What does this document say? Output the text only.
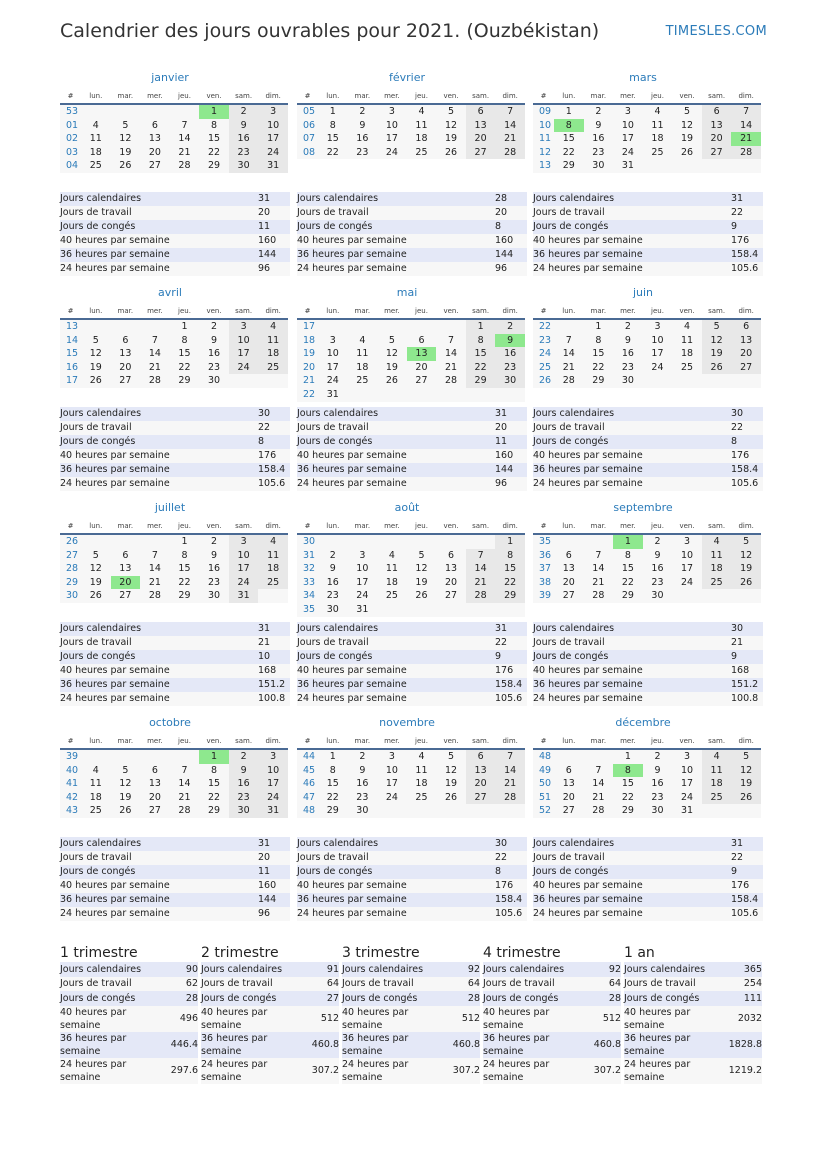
Calendrier des jours ouvrables pour 2021. (Ouzbékistan)	TIMESLES.COM
janvier
#	lun.	mar.	mer.	jeu.	ven.	sam.	dim.
53					1	2	3
01	4	5	6	7	8	9	10
02	11	12	13	14	15	16	17
03	18	19	20	21	22	23	24
04	25	26	27	28	29	30	31
Jours calendaires	31
Jours de travail	20
Jours de congés	11
40 heures par semaine	160
36 heures par semaine	144
24 heures par semaine	96
février
#	lun.	mar.	mer.	jeu.	ven.	sam.	dim.
05	1	2	3	4	5	6	7
06	8	9	10	11	12	13	14
07	15	16	17	18	19	20	21
08	22	23	24	25	26	27	28
Jours calendaires	28
Jours de travail	20
Jours de congés	8
40 heures par semaine	160
36 heures par semaine	144
24 heures par semaine	96
mars
#	lun.	mar.	mer.	jeu.	ven.	sam.	dim.
09	1	2	3	4	5	6	7
10	8	9	10	11	12	13	14
11	15	16	17	18	19	20	21
12	22	23	24	25	26	27	28
13	29	30	31				
Jours calendaires	31
Jours de travail	22
Jours de congés	9
40 heures par semaine	176
36 heures par semaine	158.4
24 heures par semaine	105.6
avril
#	lun.	mar.	mer.	jeu.	ven.	sam.	dim.
13				1	2	3	4
14	5	6	7	8	9	10	11
15	12	13	14	15	16	17	18
16	19	20	21	22	23	24	25
17	26	27	28	29	30		
Jours calendaires	30
Jours de travail	22
Jours de congés	8
40 heures par semaine	176
36 heures par semaine	158.4
24 heures par semaine	105.6
mai
#	lun.	mar.	mer.	jeu.	ven.	sam.	dim.
17						1	2
18	3	4	5	6	7	8	9
19	10	11	12	13	14	15	16
20	17	18	19	20	21	22	23
21	24	25	26	27	28	29	30
22	31						
Jours calendaires	31
Jours de travail	20
Jours de congés	11
40 heures par semaine	160
36 heures par semaine	144
24 heures par semaine	96
juin
#	lun.	mar.	mer.	jeu.	ven.	sam.	dim.
22		1	2	3	4	5	6
23	7	8	9	10	11	12	13
24	14	15	16	17	18	19	20
25	21	22	23	24	25	26	27
26	28	29	30				
Jours calendaires	30
Jours de travail	22
Jours de congés	8
40 heures par semaine	176
36 heures par semaine	158.4
24 heures par semaine	105.6
juillet
#	lun.	mar.	mer.	jeu.	ven.	sam.	dim.
26				1	2	3	4
27	5	6	7	8	9	10	11
28	12	13	14	15	16	17	18
29	19	20	21	22	23	24	25
30	26	27	28	29	30	31	
Jours calendaires	31
Jours de travail	21
Jours de congés	10
40 heures par semaine	168
36 heures par semaine	151.2
24 heures par semaine	100.8
août
#	lun.	mar.	mer.	jeu.	ven.	sam.	dim.
30							1
31	2	3	4	5	6	7	8
32	9	10	11	12	13	14	15
33	16	17	18	19	20	21	22
34	23	24	25	26	27	28	29
35	30	31					
Jours calendaires	31
Jours de travail	22
Jours de congés	9
40 heures par semaine	176
36 heures par semaine	158.4
24 heures par semaine	105.6
septembre
#	lun.	mar.	mer.	jeu.	ven.	sam.	dim.
35			1	2	3	4	5
36	6	7	8	9	10	11	12
37	13	14	15	16	17	18	19
38	20	21	22	23	24	25	26
39	27	28	29	30			
Jours calendaires	30
Jours de travail	21
Jours de congés	9
40 heures par semaine	168
36 heures par semaine	151.2
24 heures par semaine	100.8
octobre
#	lun.	mar.	mer.	jeu.	ven.	sam.	dim.
39					1	2	3
40	4	5	6	7	8	9	10
41	11	12	13	14	15	16	17
42	18	19	20	21	22	23	24
43	25	26	27	28	29	30	31
Jours calendaires	31
Jours de travail	20
Jours de congés	11
40 heures par semaine	160
36 heures par semaine	144
24 heures par semaine	96
novembre
#	lun.	mar.	mer.	jeu.	ven.	sam.	dim.
44	1	2	3	4	5	6	7
45	8	9	10	11	12	13	14
46	15	16	17	18	19	20	21
47	22	23	24	25	26	27	28
48	29	30					
Jours calendaires	30
Jours de travail	22
Jours de congés	8
40 heures par semaine	176
36 heures par semaine	158.4
24 heures par semaine	105.6
décembre
#	lun.	mar.	mer.	jeu.	ven.	sam.	dim.
48			1	2	3	4	5
49	6	7	8	9	10	11	12
50	13	14	15	16	17	18	19
51	20	21	22	23	24	25	26
52	27	28	29	30	31		
Jours calendaires	31
Jours de travail	22
Jours de congés	9
40 heures par semaine	176
36 heures par semaine	158.4
24 heures par semaine	105.6
1 trimestre
Jours calendaires	90
Jours de travail	62
Jours de congés	28
40 heures par semaine	496
36 heures par semaine	446.4
24 heures par semaine	297.6
2 trimestre
Jours calendaires	91
Jours de travail	64
Jours de congés	27
40 heures par semaine	512
36 heures par semaine	460.8
24 heures par semaine	307.2
3 trimestre
Jours calendaires	92
Jours de travail	64
Jours de congés	28
40 heures par semaine	512
36 heures par semaine	460.8
24 heures par semaine	307.2
4 trimestre
Jours calendaires	92
Jours de travail	64
Jours de congés	28
40 heures par semaine	512
36 heures par semaine	460.8
24 heures par semaine	307.2
1 an
Jours calendaires	365
Jours de travail	254
Jours de congés	111
40 heures par semaine	2032
36 heures par semaine	1828.8
24 heures par semaine	1219.2
